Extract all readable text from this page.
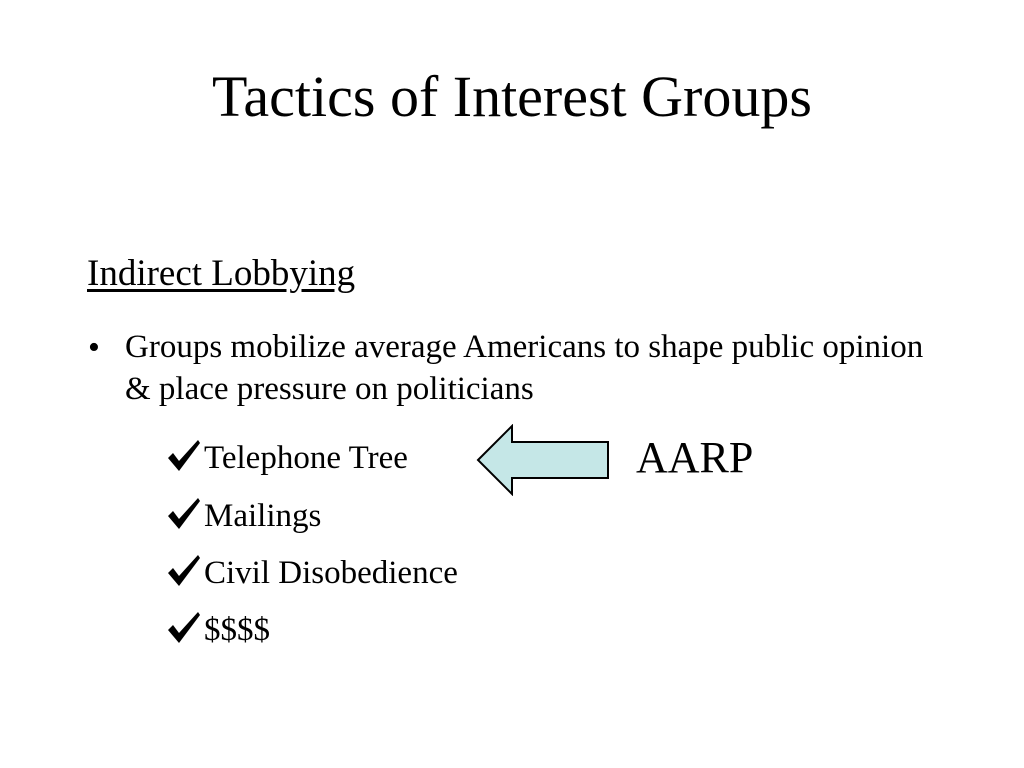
Tactics of Interest Groups
Indirect Lobbying
• Groups mobilize average Americans to shape public opinion & place pressure on politicians
Telephone Tree
Mailings
Civil Disobedience
$$$$
AARP
